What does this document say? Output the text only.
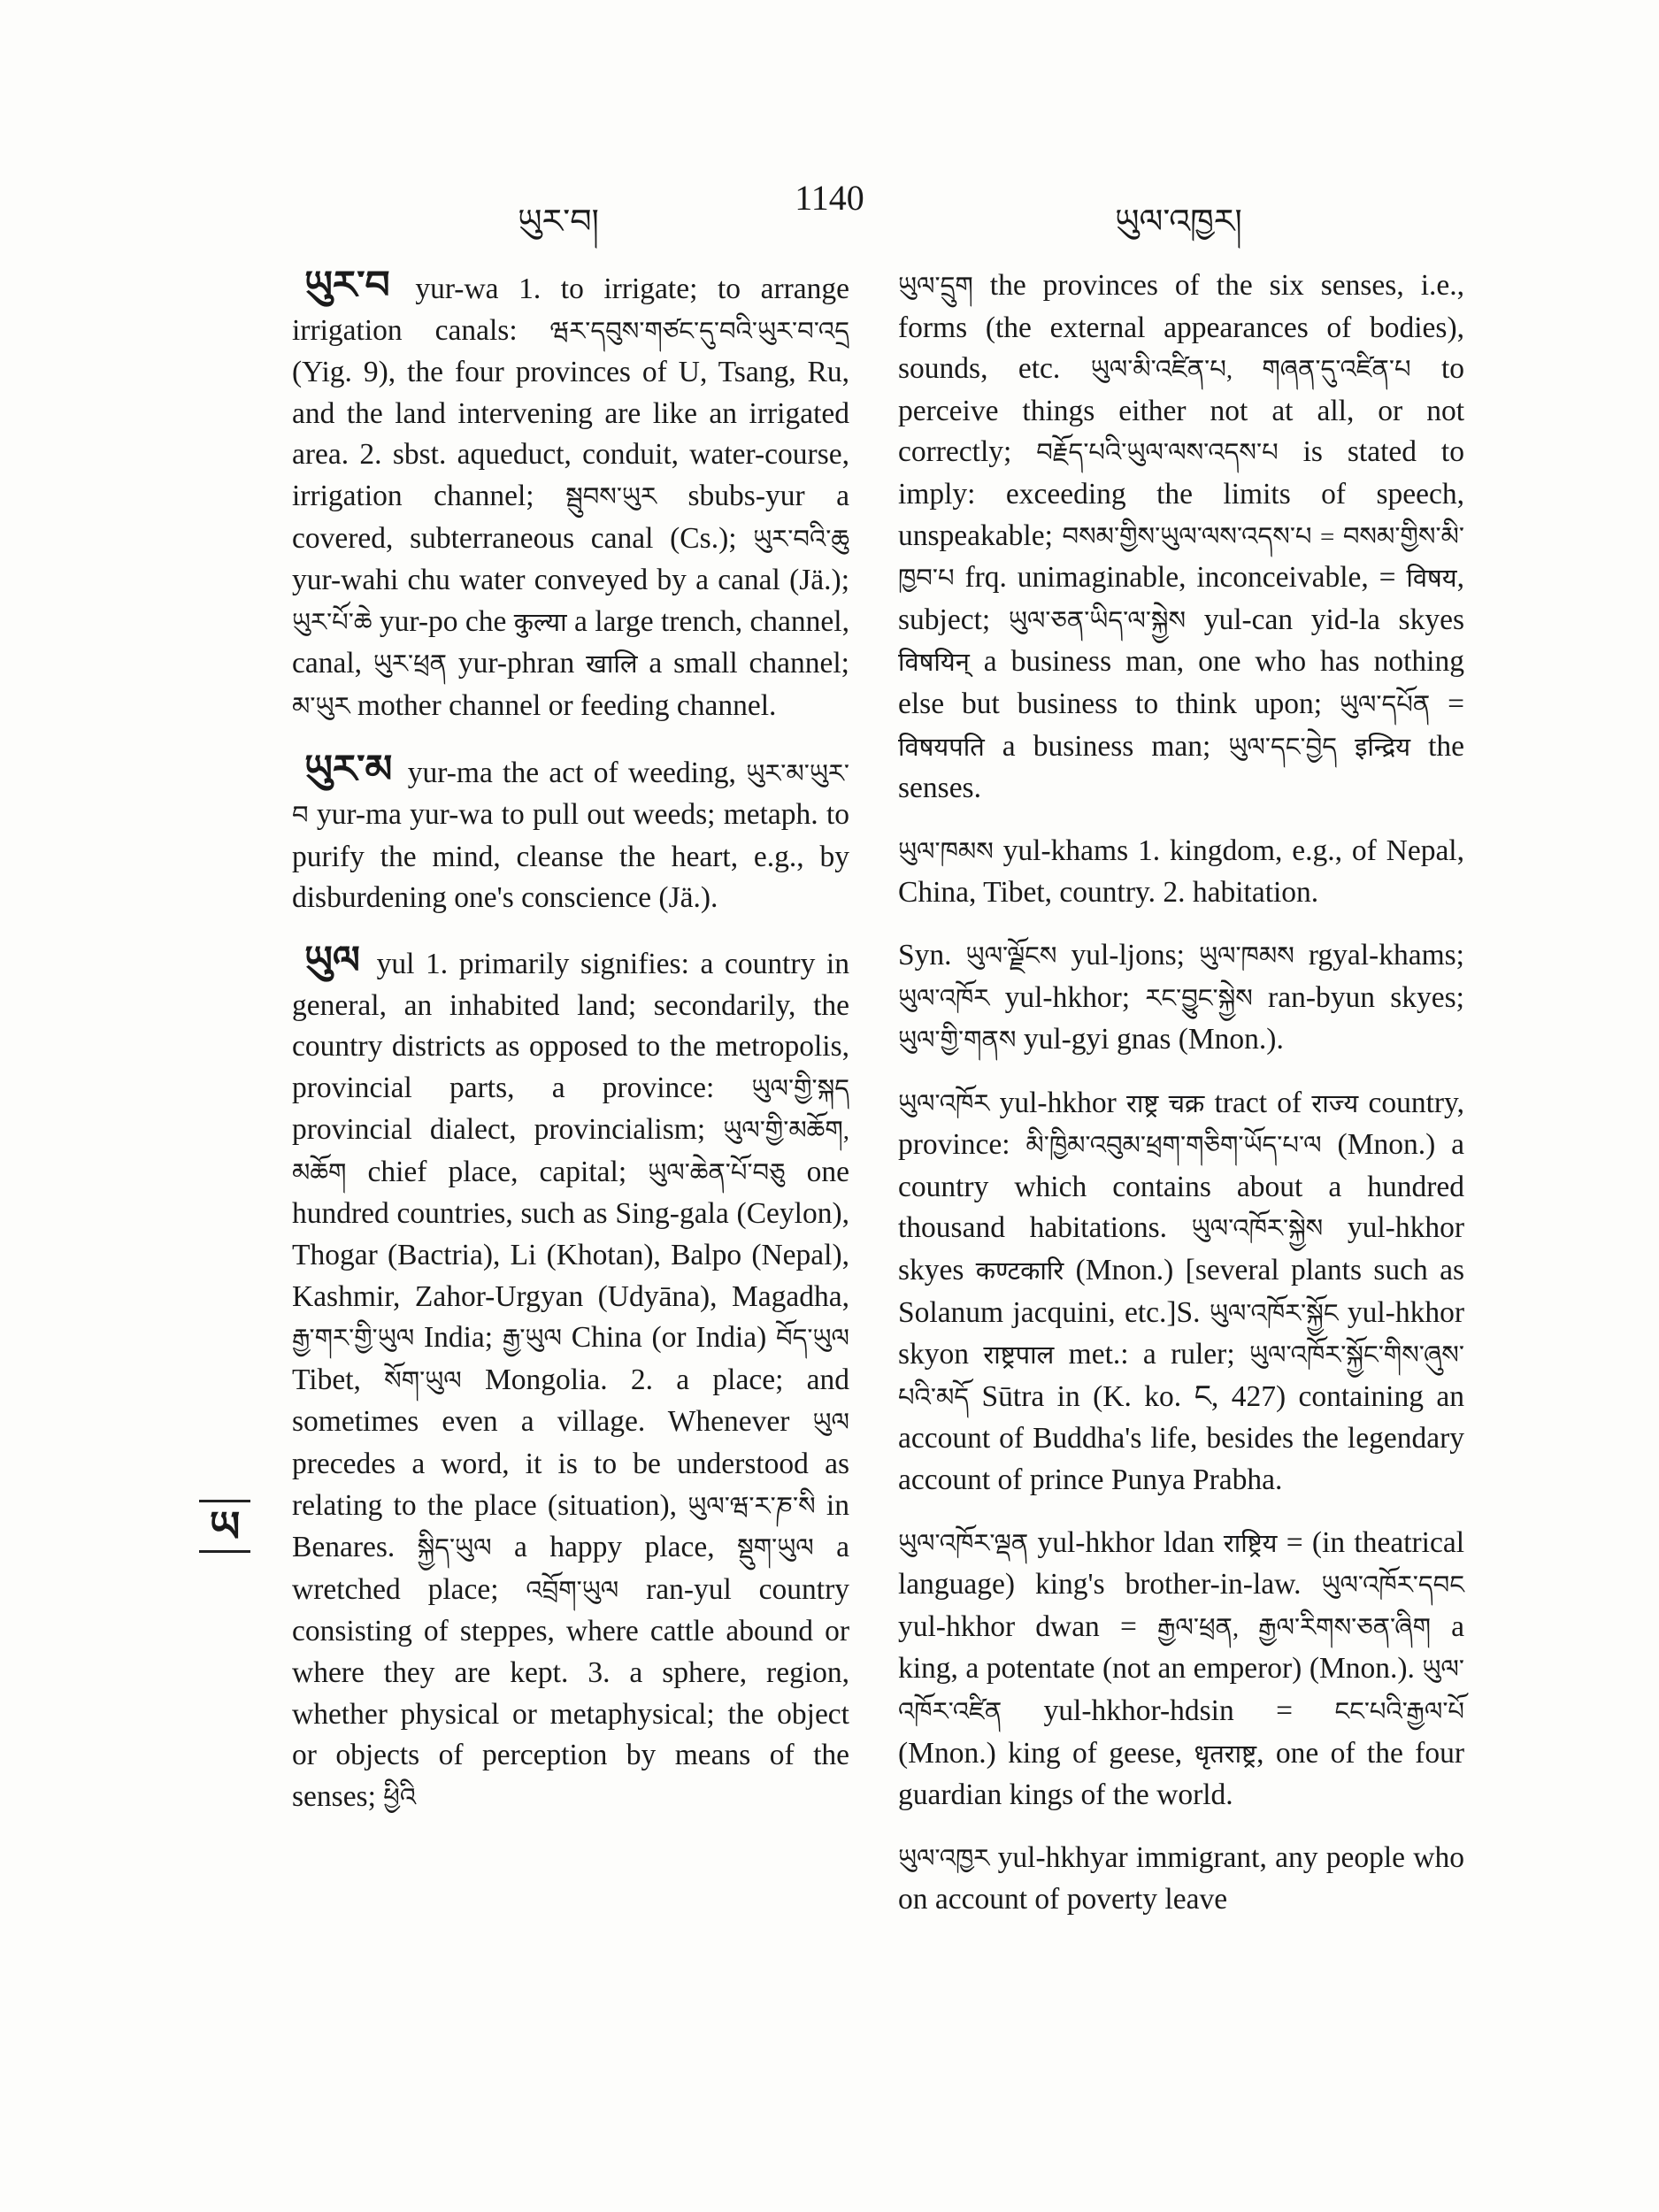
ཡུར་བ།
1140
ཡུལ་འཁྱར།
ཡ

ཡུར་བ yur-wa 1. to irrigate; to arrange irrigation canals: ཝར་དབུས་གཙང་དུ་བའི་ཡུར་བ་འདྲ (Yig. 9), the four provinces of U, Tsang, Ru, and the land intervening are like an irrigated area. 2. sbst. aqueduct, conduit, water-course, irrigation channel; སྦུབས་ཡུར sbubs-yur a covered, subterraneous canal (Cs.); ཡུར་བའི་ཆུ yur-wahi chu water conveyed by a canal (Jä.); ཡུར་པོ་ཆེ yur-po che कुल्या a large trench, channel, canal, ཡུར་ཕྲན yur-phran खालि a small channel; མ་ཡུར mother channel or feeding channel.

ཡུར་མ yur-ma the act of weeding, ཡུར་མ་ཡུར་བ yur-ma yur-wa to pull out weeds; metaph. to purify the mind, cleanse the heart, e.g., by disburdening one's conscience (Jä.).

ཡུལ yul 1. primarily signifies: a country in general, an inhabited land; secondarily, the country districts as opposed to the metropolis, provincial parts, a province: ཡུལ་གྱི་སྐད provincial dialect, provincialism; ཡུལ་གྱི་མཆོག, མཆོག chief place, capital; ཡུལ་ཆེན་པོ་བཅུ one hundred countries, such as Sing-gala (Ceylon), Thogar (Bactria), Li (Khotan), Balpo (Nepal), Kashmir, Zahor-Urgyan (Udyāna), Magadha, རྒྱ་གར་གྱི་ཡུལ India; རྒྱ་ཡུལ China (or India) བོད་ཡུལ Tibet, སོག་ཡུལ Mongolia. 2. a place; and sometimes even a village. Whenever ཡུལ precedes a word, it is to be understood as relating to the place (situation), ཡུལ་ཝ་ར་ཎ་སི in Benares. སྐྱིད་ཡུལ a happy place, སྡུག་ཡུལ a wretched place; འབྲོག་ཡུལ ran-yul country consisting of steppes, where cattle abound or where they are kept. 3. a sphere, region, whether physical or metaphysical; the object or objects of perception by means of the senses; ཕྱིའི

ཡུལ་དྲུག the provinces of the six senses, i.e., forms (the external appearances of bodies), sounds, etc. ཡུལ་མི་འཛིན་པ, གཞན་དུ་འཛིན་པ to perceive things either not at all, or not correctly; བརྗོད་པའི་ཡུལ་ལས་འདས་པ is stated to imply: exceeding the limits of speech, unspeakable; བསམ་གྱིས་ཡུལ་ལས་འདས་པ = བསམ་གྱིས་མི་ཁྱབ་པ frq. unimaginable, inconceivable, = विषय, subject; ཡུལ་ཅན་ཡིད་ལ་སྐྱེས yul-can yid-la skyes विषयिन् a business man, one who has nothing else but business to think upon; ཡུལ་དཔོན = विषयपति a business man; ཡུལ་དང་བྱེད इन्द्रिय the senses.

ཡུལ་ཁམས yul-khams 1. kingdom, e.g., of Nepal, China, Tibet, country. 2. habitation.

Syn. ཡུལ་ལྗོངས yul-ljons; ཡུལ་ཁམས rgyal-khams; ཡུལ་འཁོར yul-hkhor; རང་བྱུང་སྐྱེས ran-byun skyes; ཡུལ་གྱི་གནས yul-gyi gnas (Mnon.).

ཡུལ་འཁོར yul-hkhor राष्ट्र चक्र tract of राज्य country, province: མི་ཁྱིམ་འབུམ་ཕྲག་གཅིག་ཡོད་པ་ལ (Mnon.) a country which contains about a hundred thousand habitations. ཡུལ་འཁོར་སྐྱེས yul-hkhor skyes कण्टकारि (Mnon.) [several plants such as Solanum jacquini, etc.]S. ཡུལ་འཁོར་སྐྱོང yul-hkhor skyon राष्ट्रपाल met.: a ruler; ཡུལ་འཁོར་སྐྱོང་གིས་ཞུས་པའི་མདོ Sūtra in (K. ko. ང, 427) containing an account of Buddha's life, besides the legendary account of prince Punya Prabha.

ཡུལ་འཁོར་ལྡན yul-hkhor ldan राष्ट्रिय = (in theatrical language) king's brother-in-law. ཡུལ་འཁོར་དབང yul-hkhor dwan = རྒྱལ་ཕྲན, རྒྱལ་རིགས་ཅན་ཞིག a king, a potentate (not an emperor) (Mnon.). ཡུལ་འཁོར་འཛིན yul-hkhor-hdsin = ངང་པའི་རྒྱལ་པོ (Mnon.) king of geese, धृतराष्ट्र, one of the four guardian kings of the world.

ཡུལ་འཁྱར yul-hkhyar immigrant, any people who on account of poverty leave
